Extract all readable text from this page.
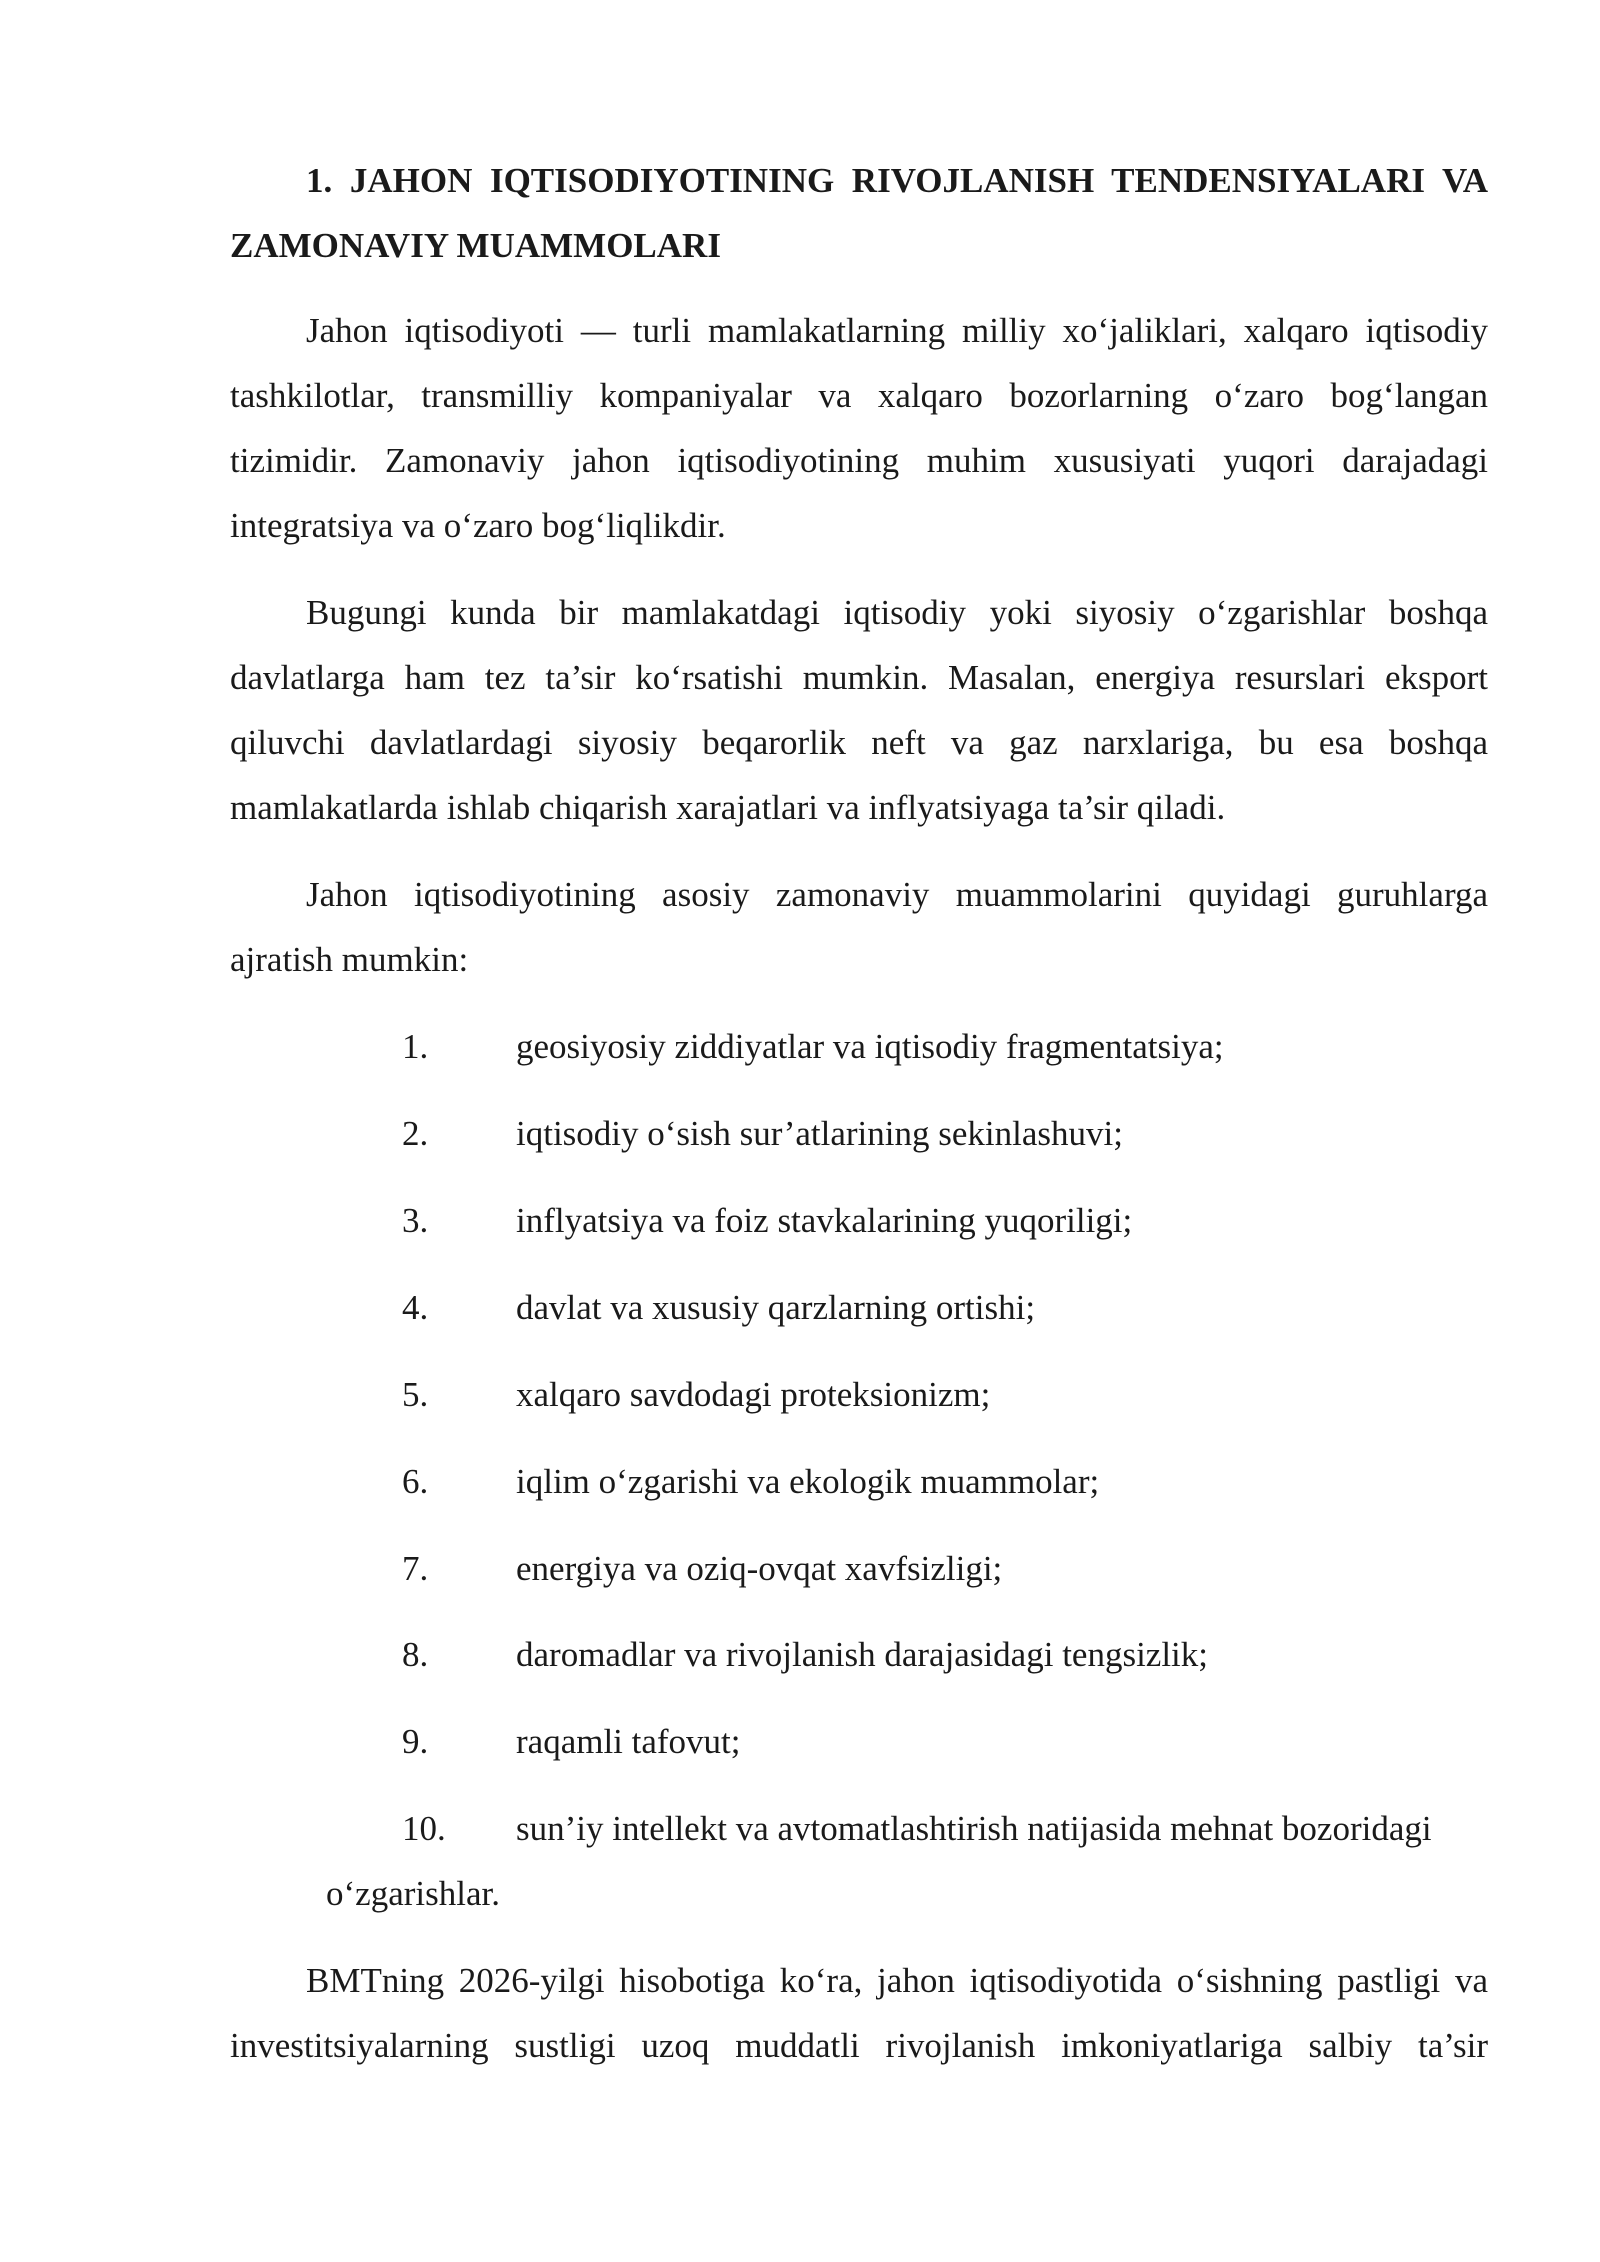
1. JAHON IQTISODIYOTINING RIVOJLANISH TENDENSIYALARI VA ZAMONAVIY MUAMMOLARI

Jahon iqtisodiyoti — turli mamlakatlarning milliy xo‘jaliklari, xalqaro iqtisodiy tashkilotlar, transmilliy kompaniyalar va xalqaro bozorlarning o‘zaro bog‘langan tizimidir. Zamonaviy jahon iqtisodiyotining muhim xususiyati yuqori darajadagi integratsiya va o‘zaro bog‘liqlikdir.

Bugungi kunda bir mamlakatdagi iqtisodiy yoki siyosiy o‘zgarishlar boshqa davlatlarga ham tez ta’sir ko‘rsatishi mumkin. Masalan, energiya resurslari eksport qiluvchi davlatlardagi siyosiy beqarorlik neft va gaz narxlariga, bu esa boshqa mamlakatlarda ishlab chiqarish xarajatlari va inflyatsiyaga ta’sir qiladi.

Jahon iqtisodiyotining asosiy zamonaviy muammolarini quyidagi guruhlarga ajratish mumkin:

1.	geosiyosiy ziddiyatlar va iqtisodiy fragmentatsiya;
2.	iqtisodiy o‘sish sur’atlarining sekinlashuvi;
3.	inflyatsiya va foiz stavkalarining yuqoriligi;
4.	davlat va xususiy qarzlarning ortishi;
5.	xalqaro savdodagi proteksionizm;
6.	iqlim o‘zgarishi va ekologik muammolar;
7.	energiya va oziq-ovqat xavfsizligi;
8.	daromadlar va rivojlanish darajasidagi tengsizlik;
9.	raqamli tafovut;
10. sun’iy intellekt va avtomatlashtirish natijasida mehnat bozoridagi
o‘zgarishlar.

BMTning 2026-yilgi hisobotiga ko‘ra, jahon iqtisodiyotida o‘sishning pastligi va investitsiyalarning sustligi uzoq muddatli rivojlanish imkoniyatlariga salbiy ta’sir
